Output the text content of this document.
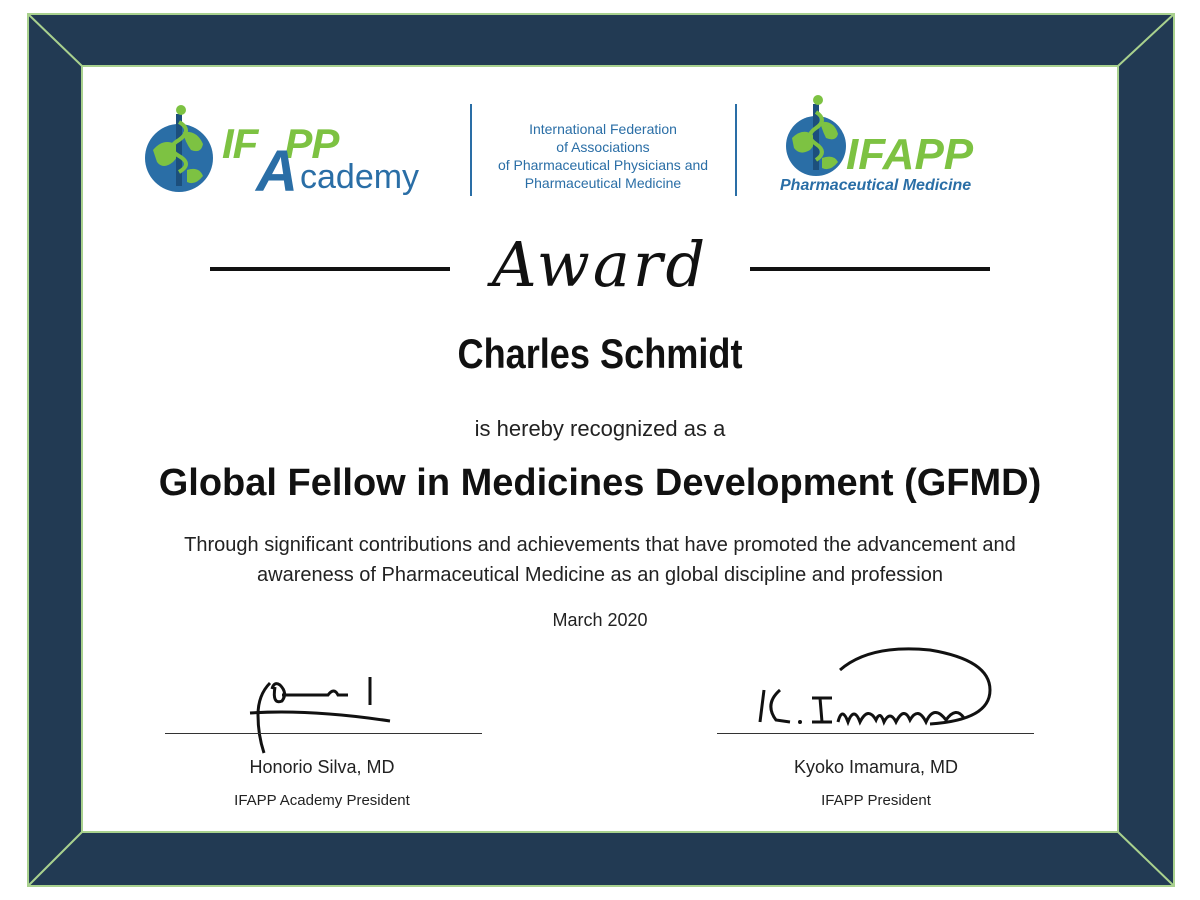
IF PP
A cademy
International Federation
of Associations
of Pharmaceutical Physicians and
Pharmaceutical Medicine
IFAPP
Pharmaceutical Medicine
Award
Charles Schmidt
is hereby recognized as a
Global Fellow in Medicines Development (GFMD)
Through significant contributions and achievements that have promoted the advancement and
awareness of Pharmaceutical Medicine as an global discipline and profession
March 2020
Honorio Silva, MD
IFAPP Academy President
Kyoko Imamura, MD
IFAPP President
